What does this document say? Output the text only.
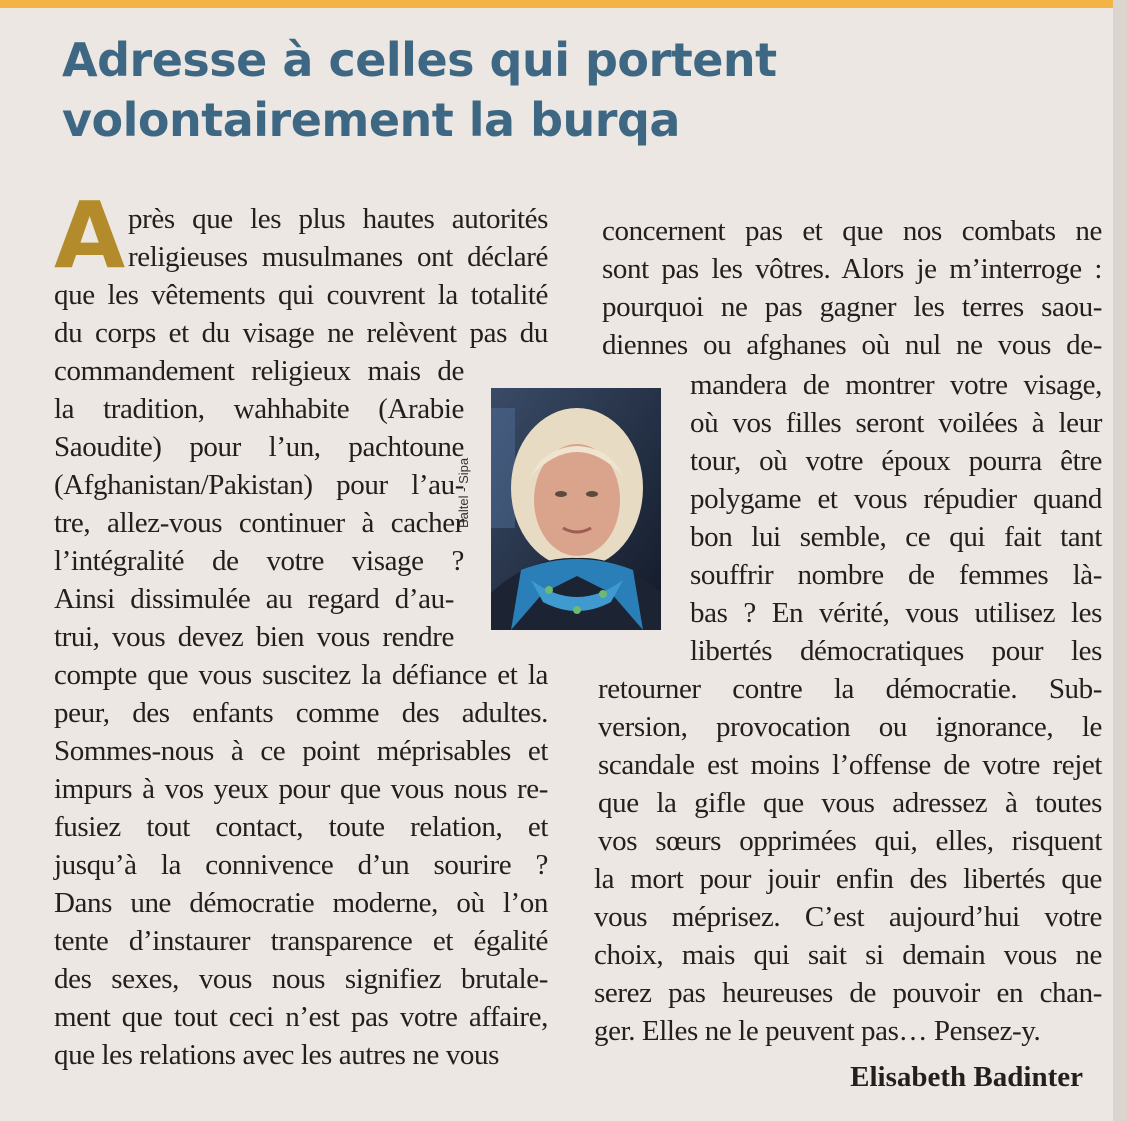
Adresse à celles qui portent
volontairement la burqa
A près que les plus hautes autorités
religieuses musulmanes ont déclaré
que les vêtements qui couvrent la totalité
du corps et du visage ne relèvent pas du
commandement religieux mais de
la tradition, wahhabite (Arabie
Saoudite) pour l’un, pachtoune
(Afghanistan/Pakistan) pour l’au-
tre, allez-vous continuer à cacher
l’intégralité de votre visage ?
Ainsi dissimulée au regard d’au-
trui, vous devez bien vous rendre
compte que vous suscitez la défiance et la
peur, des enfants comme des adultes.
Sommes-nous à ce point méprisables et
impurs à vos yeux pour que vous nous re-
fusiez tout contact, toute relation, et
jusqu’à la connivence d’un sourire ?
Dans une démocratie moderne, où l’on
tente d’instaurer transparence et égalité
des sexes, vous nous signifiez brutale-
ment que tout ceci n’est pas votre affaire,
que les relations avec les autres ne vous
Baltel - Sipa
concernent pas et que nos combats ne
sont pas les vôtres. Alors je m’interroge :
pourquoi ne pas gagner les terres saou-
diennes ou afghanes où nul ne vous de-
mandera de montrer votre visage,
où vos filles seront voilées à leur
tour, où votre époux pourra être
polygame et vous répudier quand
bon lui semble, ce qui fait tant
souffrir nombre de femmes là-
bas ? En vérité, vous utilisez les
libertés démocratiques pour les
retourner contre la démocratie. Sub-
version, provocation ou ignorance, le
scandale est moins l’offense de votre rejet
que la gifle que vous adressez à toutes
vos sœurs opprimées qui, elles, risquent
la mort pour jouir enfin des libertés que
vous méprisez. C’est aujourd’hui votre
choix, mais qui sait si demain vous ne
serez pas heureuses de pouvoir en chan-
ger. Elles ne le peuvent pas… Pensez-y.
Elisabeth Badinter
